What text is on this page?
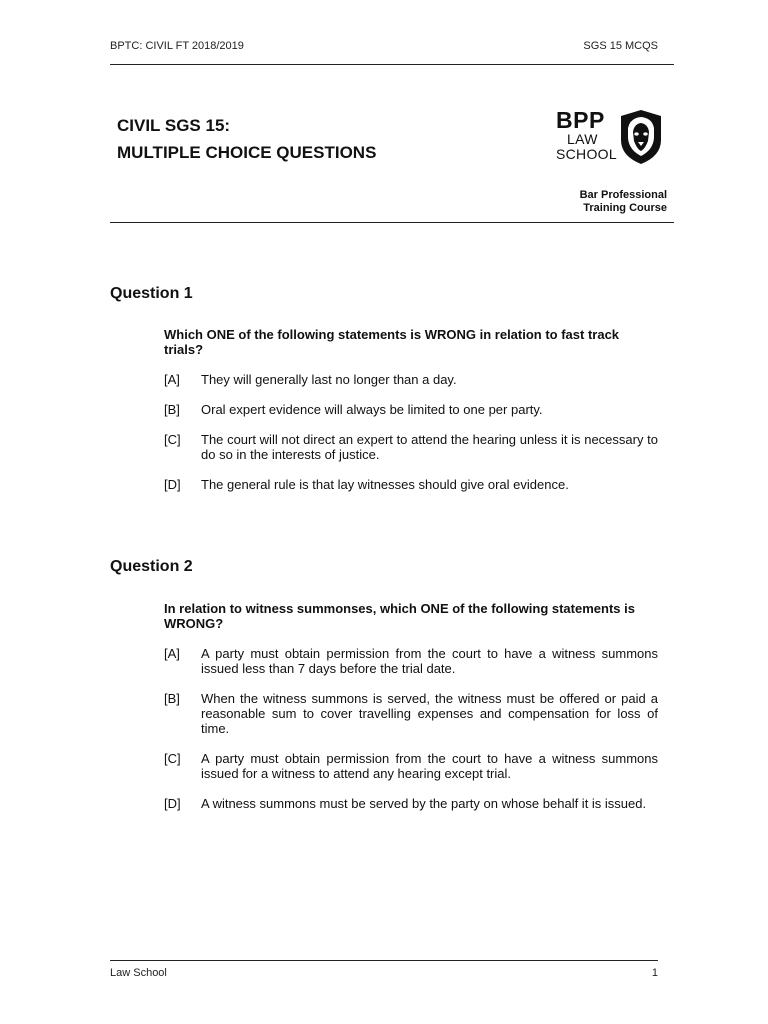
BPTC: CIVIL FT 2018/2019	SGS 15 MCQS
CIVIL SGS 15:
MULTIPLE CHOICE QUESTIONS
BPP
LAW
SCHOOL
Bar Professional
Training Course
Question 1

Which ONE of the following statements is WRONG in relation to fast track trials?

[A]	They will generally last no longer than a day.
[B]	Oral expert evidence will always be limited to one per party.
[C]	The court will not direct an expert to attend the hearing unless it is necessary to do so in the interests of justice.
[D]	The general rule is that lay witnesses should give oral evidence.
Question 2

In relation to witness summonses, which ONE of the following statements is WRONG?

[A]	A party must obtain permission from the court to have a witness summons issued less than 7 days before the trial date.
[B]	When the witness summons is served, the witness must be offered or paid a reasonable sum to cover travelling expenses and compensation for loss of time.
[C]	A party must obtain permission from the court to have a witness summons issued for a witness to attend any hearing except trial.
[D]	A witness summons must be served by the party on whose behalf it is issued.
Law School	1
